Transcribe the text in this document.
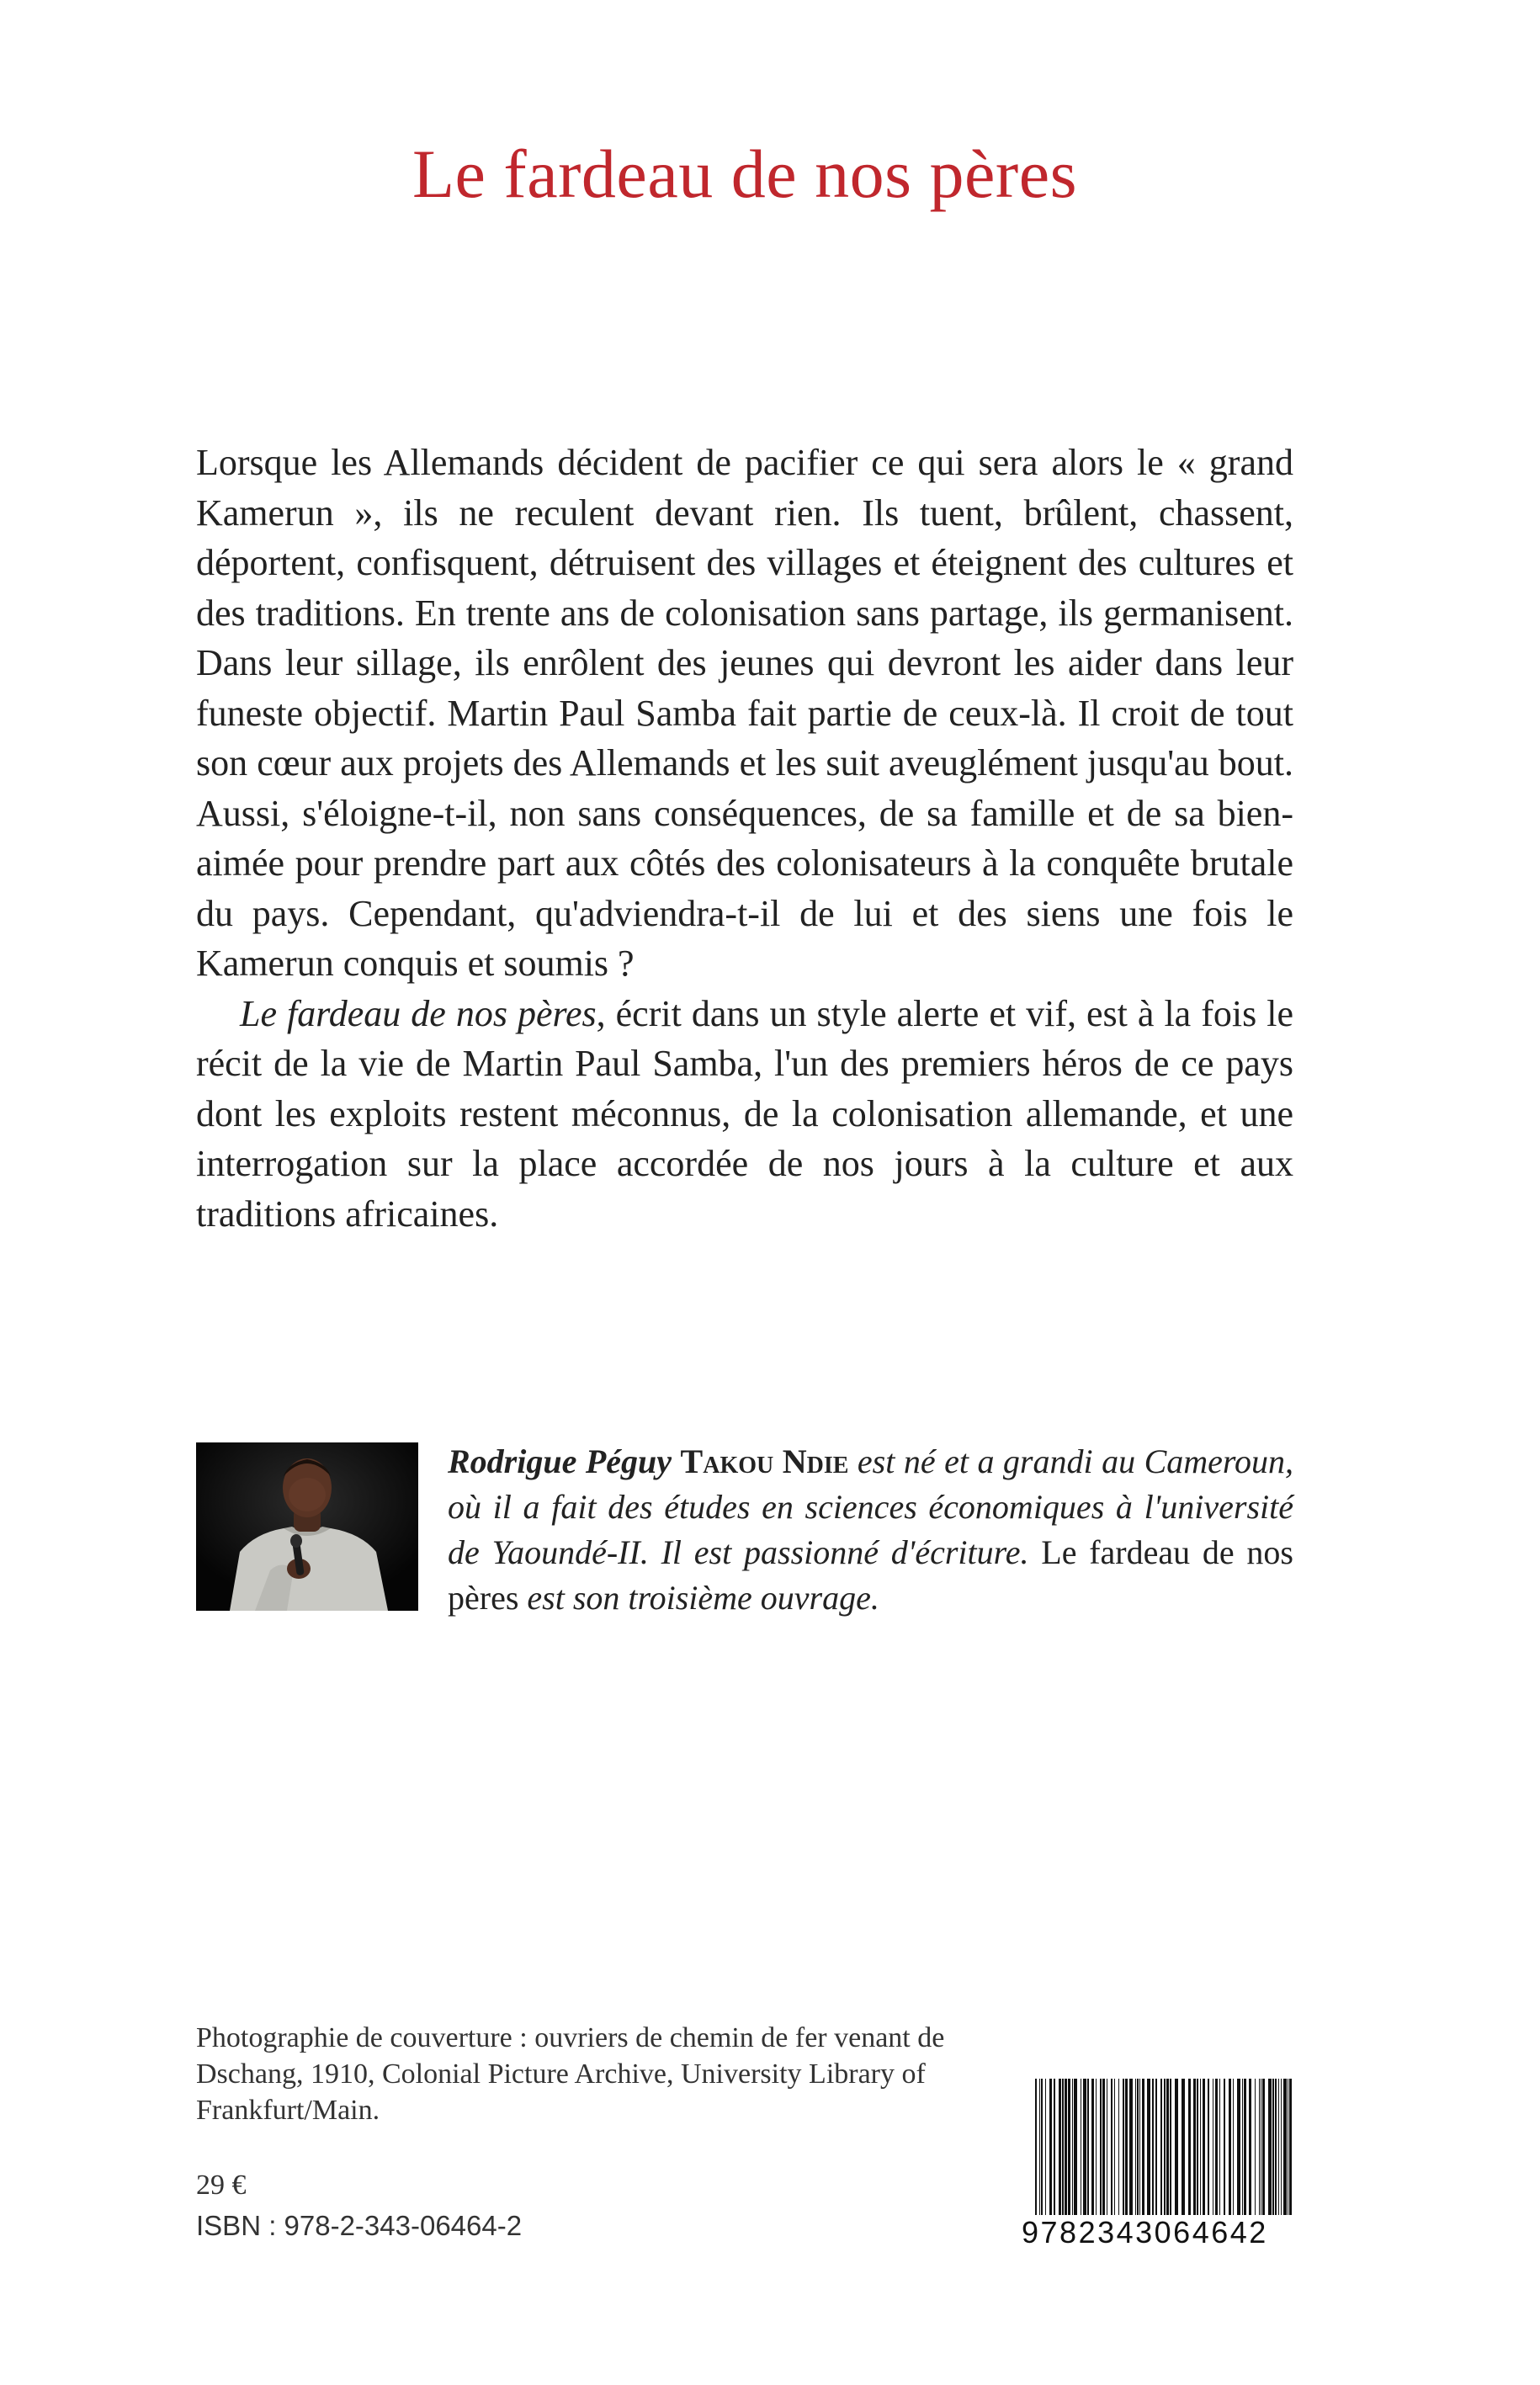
Le fardeau de nos pères

Lorsque les Allemands décident de pacifier ce qui sera alors le « grand Kamerun », ils ne reculent devant rien. Ils tuent, brûlent, chassent, déportent, confisquent, détruisent des villages et éteignent des cultures et des traditions. En trente ans de colonisation sans partage, ils germanisent. Dans leur sillage, ils enrôlent des jeunes qui devront les aider dans leur funeste objectif. Martin Paul Samba fait partie de ceux-là. Il croit de tout son cœur aux projets des Allemands et les suit aveuglément jusqu'au bout. Aussi, s'éloigne-t-il, non sans conséquences, de sa famille et de sa bien-aimée pour prendre part aux côtés des colonisateurs à la conquête brutale du pays. Cependant, qu'adviendra-t-il de lui et des siens une fois le Kamerun conquis et soumis ?

Le fardeau de nos pères, écrit dans un style alerte et vif, est à la fois le récit de la vie de Martin Paul Samba, l'un des premiers héros de ce pays dont les exploits restent méconnus, de la colonisation allemande, et une interrogation sur la place accordée de nos jours à la culture et aux traditions africaines.

Rodrigue Péguy Takou Ndie est né et a grandi au Cameroun, où il a fait des études en sciences économiques à l'université de Yaoundé-II. Il est passionné d'écriture. Le fardeau de nos pères est son troisième ouvrage.

Photographie de couverture : ouvriers de chemin de fer venant de Dschang, 1910, Colonial Picture Archive, University Library of Frankfurt/Main.

29 €
ISBN : 978-2-343-06464-2	9782343064642
